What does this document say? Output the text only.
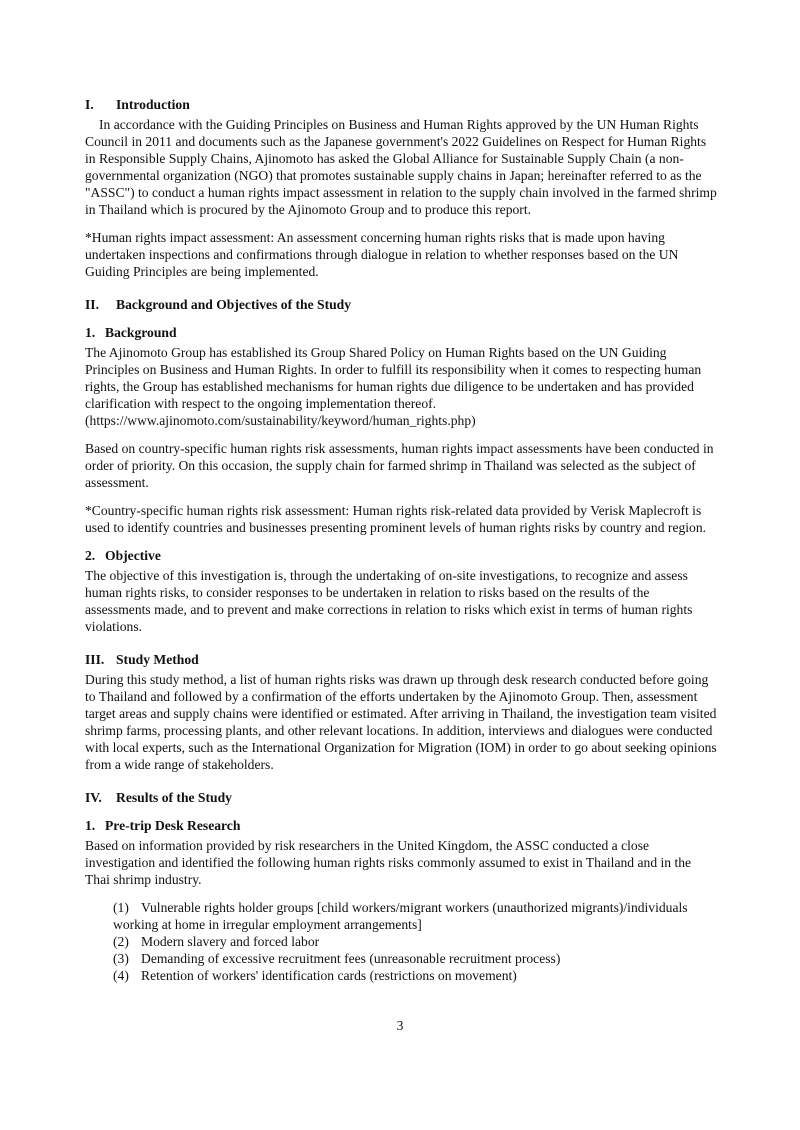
I.	Introduction

In accordance with the Guiding Principles on Business and Human Rights approved by the UN Human Rights Council in 2011 and documents such as the Japanese government's 2022 Guidelines on Respect for Human Rights in Responsible Supply Chains, Ajinomoto has asked the Global Alliance for Sustainable Supply Chain (a non-governmental organization (NGO) that promotes sustainable supply chains in Japan; hereinafter referred to as the "ASSC") to conduct a human rights impact assessment in relation to the supply chain involved in the farmed shrimp in Thailand which is procured by the Ajinomoto Group and to produce this report.

*Human rights impact assessment: An assessment concerning human rights risks that is made upon having undertaken inspections and confirmations through dialogue in relation to whether responses based on the UN Guiding Principles are being implemented.

II.	Background and Objectives of the Study
1. Background

The Ajinomoto Group has established its Group Shared Policy on Human Rights based on the UN Guiding Principles on Business and Human Rights. In order to fulfill its responsibility when it comes to respecting human rights, the Group has established mechanisms for human rights due diligence to be undertaken and has provided clarification with respect to the ongoing implementation thereof.

(https://www.ajinomoto.com/sustainability/keyword/human_rights.php)

Based on country-specific human rights risk assessments, human rights impact assessments have been conducted in order of priority. On this occasion, the supply chain for farmed shrimp in Thailand was selected as the subject of assessment.

*Country-specific human rights risk assessment: Human rights risk-related data provided by Verisk Maplecroft is used to identify countries and businesses presenting prominent levels of human rights risks by country and region.

2. Objective

The objective of this investigation is, through the undertaking of on-site investigations, to recognize and assess human rights risks, to consider responses to be undertaken in relation to risks based on the results of the assessments made, and to prevent and make corrections in relation to risks which exist in terms of human rights violations.

III. Study Method

During this study method, a list of human rights risks was drawn up through desk research conducted before going to Thailand and followed by a confirmation of the efforts undertaken by the Ajinomoto Group. Then, assessment target areas and supply chains were identified or estimated. After arriving in Thailand, the investigation team visited shrimp farms, processing plants, and other relevant locations. In addition, interviews and dialogues were conducted with local experts, such as the International Organization for Migration (IOM) in order to go about seeking opinions from a wide range of stakeholders.

IV.	Results of the Study
1. Pre-trip Desk Research

Based on information provided by risk researchers in the United Kingdom, the ASSC conducted a close investigation and identified the following human rights risks commonly assumed to exist in Thailand and in the Thai shrimp industry.

(1) Vulnerable rights holder groups [child workers/migrant workers (unauthorized migrants)/individuals
working at home in irregular employment arrangements]
(2) Modern slavery and forced labor
(3) Demanding of excessive recruitment fees (unreasonable recruitment process)
(4) Retention of workers' identification cards (restrictions on movement)
3
